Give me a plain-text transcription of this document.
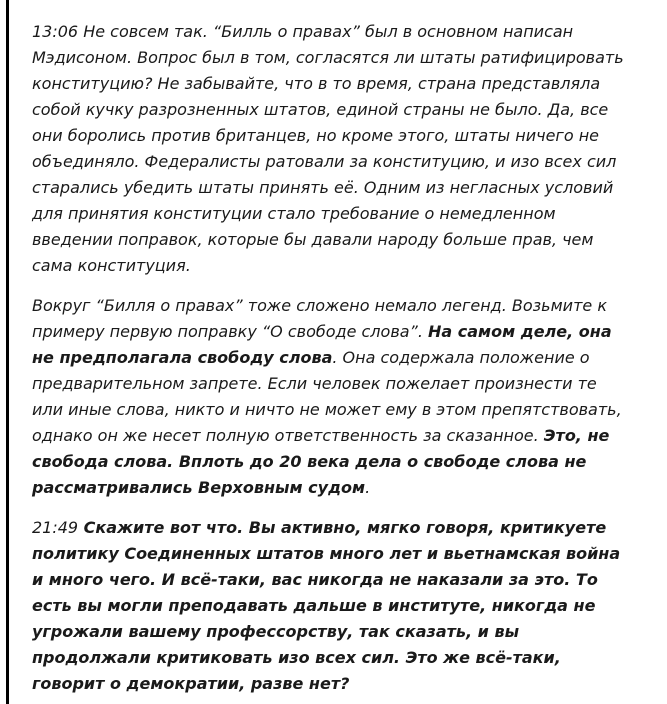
13:06 Не совсем так. “Билль о правах” был в основном написан Мэдисоном. Вопрос был в том, согласятся ли штаты ратифицировать конституцию? Не забывайте, что в то время, страна представляла собой кучку разрозненных штатов, единой страны не было. Да, все они боролись против британцев, но кроме этого, штаты ничего не объединяло. Федералисты ратовали за конституцию, и изо всех сил старались убедить штаты принять её. Одним из негласных условий для принятия конституции стало требование о немедленном введении поправок, которые бы давали народу больше прав, чем сама конституция.

Вокруг “Билля о правах” тоже сложено немало легенд. Возьмите к примеру первую поправку “О свободе слова”. На самом деле, она не предполагала свободу слова. Она содержала положение о предварительном запрете. Если человек пожелает произнести те или иные слова, никто и ничто не может ему в этом препятствовать, однако он же несет полную ответственность за сказанное. Это, не свобода слова. Вплоть до 20 века дела о свободе слова не рассматривались Верховным судом.

21:49 Скажите вот что. Вы активно, мягко говоря, критикуете политику Соединенных штатов много лет и вьетнамская война и много чего. И всё-таки, вас никогда не наказали за это. То есть вы могли преподавать дальше в институте, никогда не угрожали вашему профессорству, так сказать, и вы продолжали критиковать изо всех сил. Это же всё-таки, говорит о демократии, разве нет?
